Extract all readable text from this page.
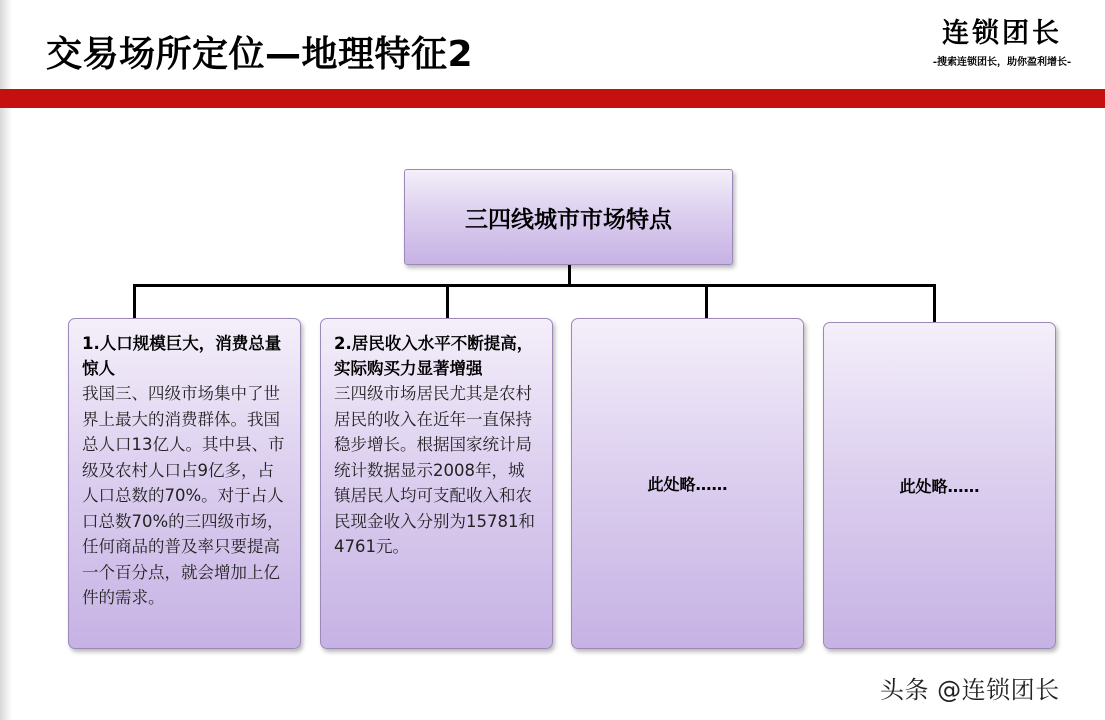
交易场所定位—地理特征2
连锁团长
-搜索连锁团长，助你盈利增长-
三四线城市市场特点
1.人口规模巨大，消费总量惊人
我国三、四级市场集中了世界上最大的消费群体。我国总人口13亿人。其中县、市级及农村人口占9亿多，占人口总数的70%。对于占人口总数70%的三四级市场，任何商品的普及率只要提高一个百分点，就会增加上亿件的需求。
2.居民收入水平不断提高，实际购买力显著增强
三四级市场居民尤其是农村居民的收入在近年一直保持稳步增长。根据国家统计局统计数据显示2008年，城镇居民人均可支配收入和农民现金收入分别为15781和4761元。
此处略……	此处略……
头条 @连锁团长
